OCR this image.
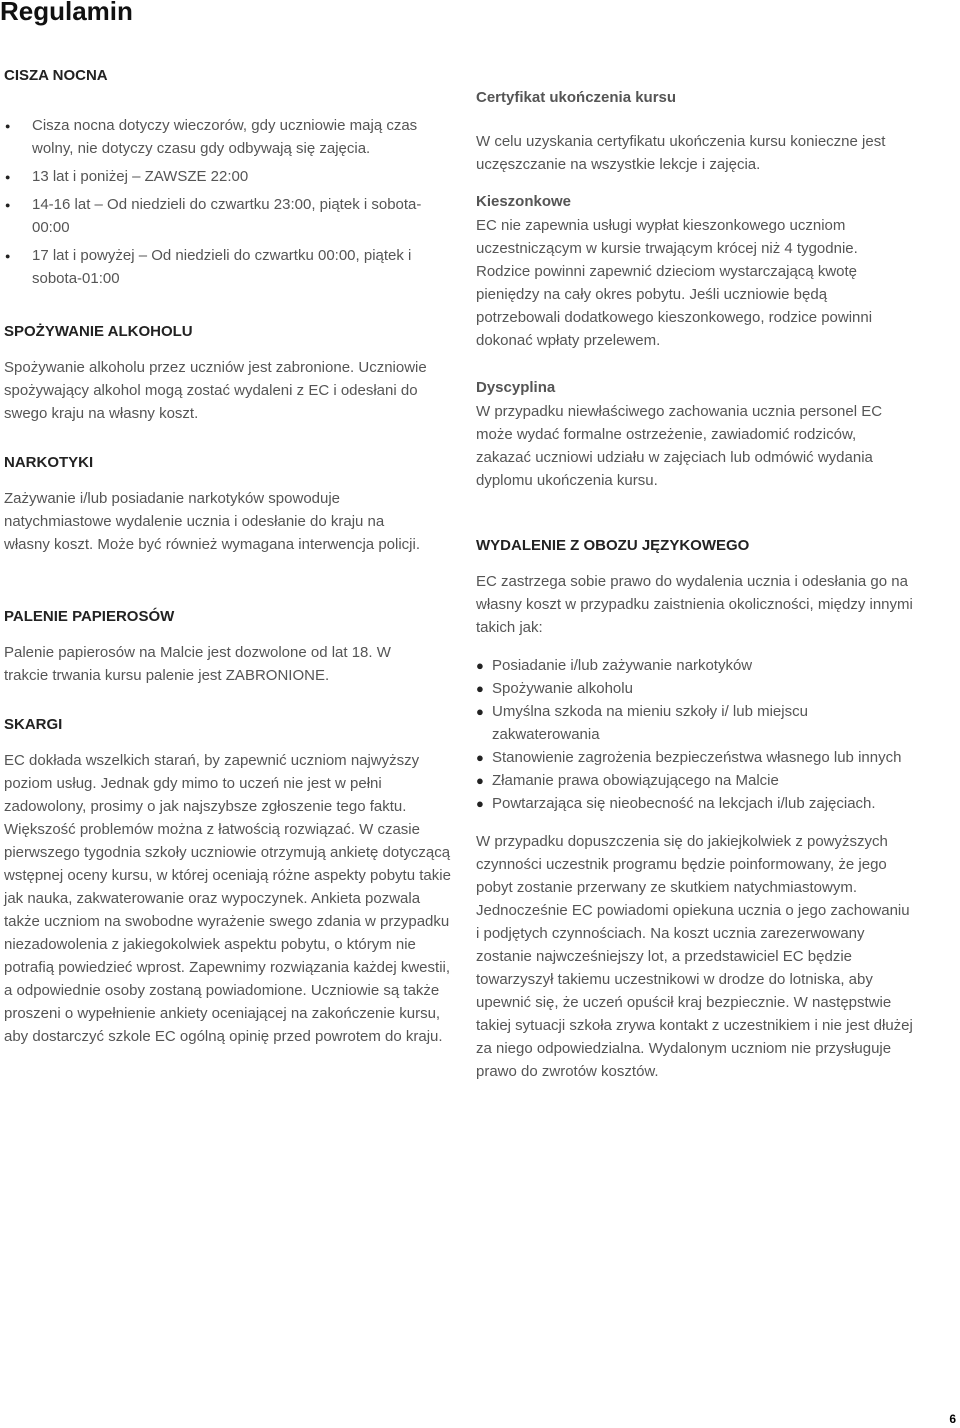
Regulamin
CISZA NOCNA
● Cisza nocna dotyczy wieczorów, gdy uczniowie mają czas wolny, nie dotyczy czasu gdy odbywają się zajęcia.
● 13 lat i poniżej – ZAWSZE 22:00
● 14-16 lat – Od niedzieli do czwartku 23:00, piątek i sobota-00:00
● 17 lat i powyżej – Od niedzieli do czwartku 00:00, piątek i sobota-01:00
SPOŻYWANIE ALKOHOLU

Spożywanie alkoholu przez uczniów jest zabronione. Uczniowie spożywający alkohol mogą zostać wydaleni z EC i odesłani do swego kraju na własny koszt.

NARKOTYKI

Zażywanie i/lub posiadanie narkotyków spowoduje natychmiastowe wydalenie ucznia i odesłanie do kraju na własny koszt. Może być również wymagana interwencja policji.

PALENIE PAPIEROSÓW

Palenie papierosów na Malcie jest dozwolone od lat 18. W trakcie trwania kursu palenie jest ZABRONIONE.

SKARGI

EC dokłada wszelkich starań, by zapewnić uczniom najwyższy poziom usług. Jednak gdy mimo to uczeń nie jest w pełni zadowolony, prosimy o jak najszybsze zgłoszenie tego faktu. Większość problemów można z łatwością rozwiązać. W czasie pierwszego tygodnia szkoły uczniowie otrzymują ankietę dotyczącą wstępnej oceny kursu, w której oceniają różne aspekty pobytu takie jak nauka, zakwaterowanie oraz wypoczynek. Ankieta pozwala także uczniom na swobodne wyrażenie swego zdania w przypadku niezadowolenia z jakiegokolwiek aspektu pobytu, o którym nie potrafią powiedzieć wprost. Zapewnimy rozwiązania każdej kwestii, a odpowiednie osoby zostaną powiadomione. Uczniowie są także proszeni o wypełnienie ankiety oceniającej na zakończenie kursu, aby dostarczyć szkole EC ogólną opinię przed powrotem do kraju.

Certyfikat ukończenia kursu

W celu uzyskania certyfikatu ukończenia kursu konieczne jest uczęszczanie na wszystkie lekcje i zajęcia.

Kieszonkowe

EC nie zapewnia usługi wypłat kieszonkowego uczniom uczestniczącym w kursie trwającym krócej niż 4 tygodnie. Rodzice powinni zapewnić dzieciom wystarczającą kwotę pieniędzy na cały okres pobytu. Jeśli uczniowie będą potrzebowali dodatkowego kieszonkowego, rodzice powinni dokonać wpłaty przelewem.

Dyscyplina

W przypadku niewłaściwego zachowania ucznia personel EC może wydać formalne ostrzeżenie, zawiadomić rodziców, zakazać uczniowi udziału w zajęciach lub odmówić wydania dyplomu ukończenia kursu.

WYDALENIE Z OBOZU JĘZYKOWEGO

EC zastrzega sobie prawo do wydalenia ucznia i odesłania go na własny koszt w przypadku zaistnienia okoliczności, między innymi takich jak:

● Posiadanie i/lub zażywanie narkotyków
● Spożywanie alkoholu
● Umyślna szkoda na mieniu szkoły i/ lub miejscu zakwaterowania
● Stanowienie zagrożenia bezpieczeństwa własnego lub innych
● Złamanie prawa obowiązującego na Malcie
● Powtarzająca się nieobecność na lekcjach i/lub zajęciach.

W przypadku dopuszczenia się do jakiejkolwiek z powyższych czynności uczestnik programu będzie poinformowany, że jego pobyt zostanie przerwany ze skutkiem natychmiastowym. Jednocześnie EC powiadomi opiekuna ucznia o jego zachowaniu i podjętych czynnościach. Na koszt ucznia zarezerwowany zostanie najwcześniejszy lot, a przedstawiciel EC będzie towarzyszył takiemu uczestnikowi w drodze do lotniska, aby upewnić się, że uczeń opuścił kraj bezpiecznie. W następstwie takiej sytuacji szkoła zrywa kontakt z uczestnikiem i nie jest dłużej za niego odpowiedzialna. Wydalonym uczniom nie przysługuje prawo do zwrotów kosztów.

6
